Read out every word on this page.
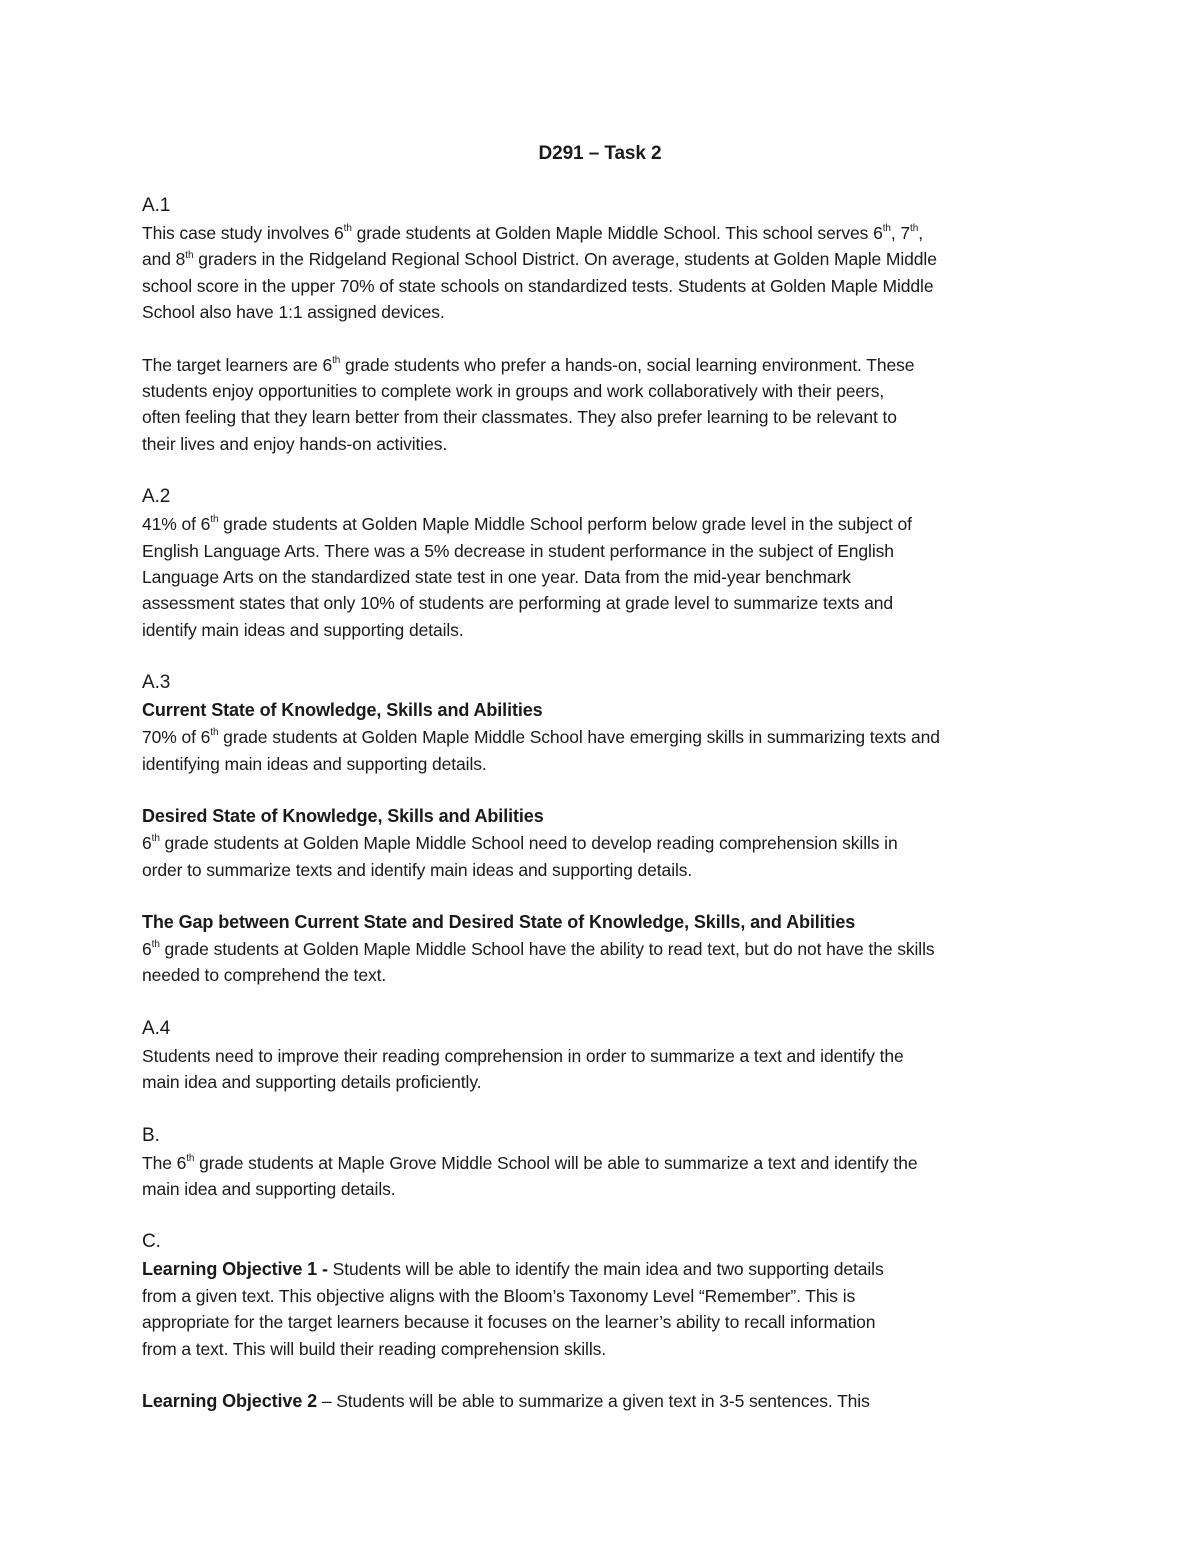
D291 – Task 2
A.1
This case study involves 6th grade students at Golden Maple Middle School. This school serves 6th, 7th,
and 8th graders in the Ridgeland Regional School District. On average, students at Golden Maple Middle
school score in the upper 70% of state schools on standardized tests. Students at Golden Maple Middle
School also have 1:1 assigned devices.
The target learners are 6th grade students who prefer a hands-on, social learning environment. These
students enjoy opportunities to complete work in groups and work collaboratively with their peers,
often feeling that they learn better from their classmates. They also prefer learning to be relevant to
their lives and enjoy hands-on activities.
A.2
41% of 6th grade students at Golden Maple Middle School perform below grade level in the subject of
English Language Arts. There was a 5% decrease in student performance in the subject of English
Language Arts on the standardized state test in one year. Data from the mid-year benchmark
assessment states that only 10% of students are performing at grade level to summarize texts and
identify main ideas and supporting details.
A.3
Current State of Knowledge, Skills and Abilities
70% of 6th grade students at Golden Maple Middle School have emerging skills in summarizing texts and
identifying main ideas and supporting details.
Desired State of Knowledge, Skills and Abilities
6th grade students at Golden Maple Middle School need to develop reading comprehension skills in
order to summarize texts and identify main ideas and supporting details.
The Gap between Current State and Desired State of Knowledge, Skills, and Abilities
6th grade students at Golden Maple Middle School have the ability to read text, but do not have the skills
needed to comprehend the text.
A.4
Students need to improve their reading comprehension in order to summarize a text and identify the
main idea and supporting details proficiently.
B.
The 6th grade students at Maple Grove Middle School will be able to summarize a text and identify the
main idea and supporting details.
C.
Learning Objective 1 - Students will be able to identify the main idea and two supporting details
from a given text. This objective aligns with the Bloom’s Taxonomy Level “Remember”. This is
appropriate for the target learners because it focuses on the learner’s ability to recall information
from a text. This will build their reading comprehension skills.
Learning Objective 2 – Students will be able to summarize a given text in 3-5 sentences. This
